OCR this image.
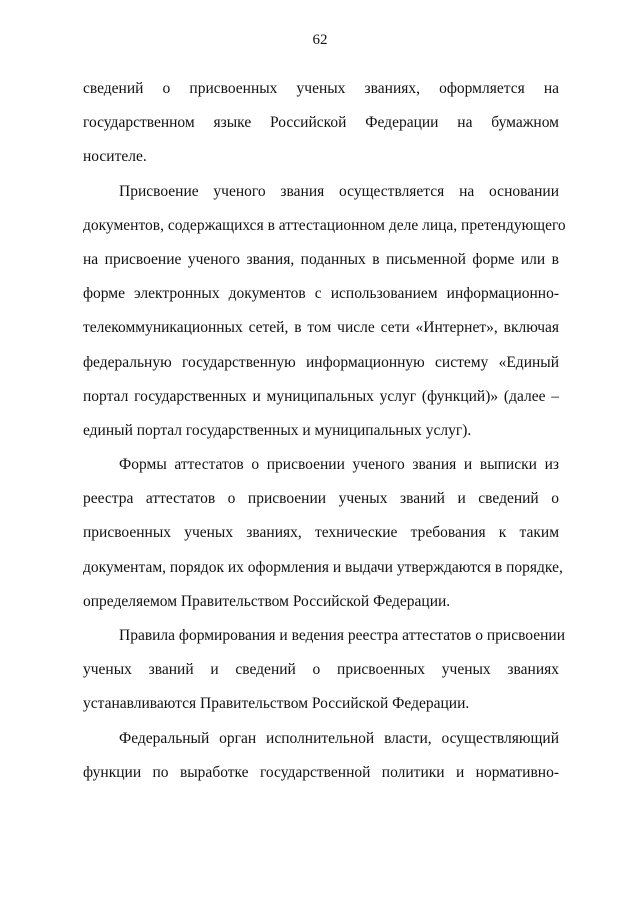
62
сведений о присвоенных ученых званиях, оформляется на
государственном языке Российской Федерации на бумажном
носителе.
Присвоение ученого звания осуществляется на основании
документов, содержащихся в аттестационном деле лица, претендующего
на присвоение ученого звания, поданных в письменной форме или в
форме электронных документов с использованием информационно-
телекоммуникационных сетей, в том числе сети «Интернет», включая
федеральную государственную информационную систему «Единый
портал государственных и муниципальных услуг (функций)» (далее –
единый портал государственных и муниципальных услуг).
Формы аттестатов о присвоении ученого звания и выписки из
реестра аттестатов о присвоении ученых званий и сведений о
присвоенных ученых званиях, технические требования к таким
документам, порядок их оформления и выдачи утверждаются в порядке,
определяемом Правительством Российской Федерации.
Правила формирования и ведения реестра аттестатов о присвоении
ученых званий и сведений о присвоенных ученых званиях
устанавливаются Правительством Российской Федерации.
Федеральный орган исполнительной власти, осуществляющий
функции по выработке государственной политики и нормативно-
